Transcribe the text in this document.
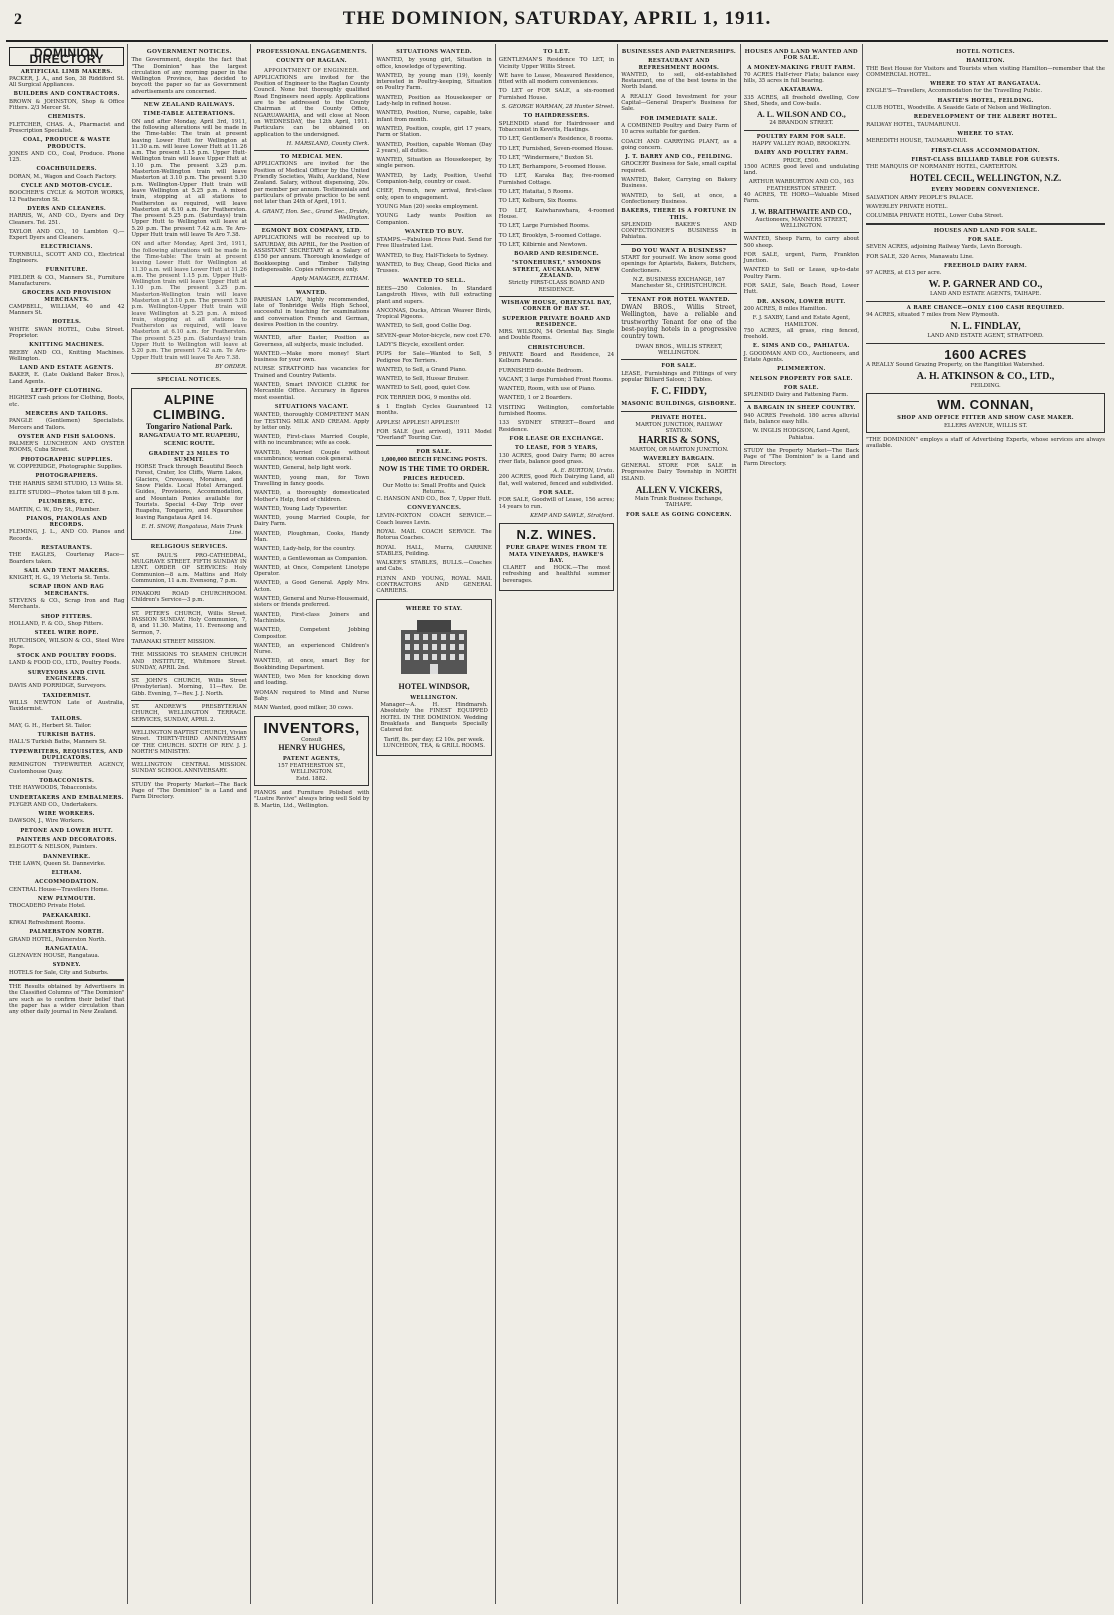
2	THE DOMINION, SATURDAY, APRIL 1, 1911.
DOMINION DIRECTORY
ARTIFICIAL LIMB MAKERS.
PACKER, J. A., and Son, 38 Riddiford St. All Surgical Appliances.
BUILDERS AND CONTRACTORS.
BROWN & JOHNSTON, Shop & Office Fitters. 2/3 Mercer St.
CHEMISTS.
FLETCHER, CHAS. A., Pharmacist and Prescription Specialist.
COAL, PRODUCE & WASTE PRODUCTS.
JONES AND CO., Coal, Produce. Phone 125.
COACHBUILDERS.
DORAN, M., Wagon and Coach Factory.
CYCLE AND MOTOR-CYCLE.
BOOCHER'S CYCLE & MOTOR WORKS, 12 Featherston St.
DYERS AND CLEANERS.
HARRIS, W., AND CO., Dyers and Dry Cleaners. Tel. 251.
TAYLOR AND CO., 10 Lambton Q.—Expert Dyers and Cleaners.
ELECTRICIANS.
TURNBULL, SCOTT AND CO., Electrical Engineers.
FURNITURE.
FIELDER & CO., Manners St., Furniture Manufacturers.
GROCERS AND PROVISION MERCHANTS.
CAMPBELL, WILLIAM, 40 and 42 Manners St.
HOTELS.
WHITE SWAN HOTEL, Cuba Street. Proprietor.
KNITTING MACHINES.
BEEBY AND CO., Knitting Machines. Wellington.
LAND AND ESTATE AGENTS.
BAKER, E. (Late Oakland Baker Bros.), Land Agents.
LEFT-OFF CLOTHING.
HIGHEST cash prices for Clothing, Boots, etc.
MERCERS AND TAILORS.
PANGLE (Gentlemen) Specialists. Mercers and Tailors.
OYSTER AND FISH SALOONS.
PALMER'S LUNCHEON AND OYSTER ROOMS, Cuba Street.
PHOTOGRAPHIC SUPPLIES.
W. COPPERIDGE, Photographic Supplies.
PHOTOGRAPHERS.
THE HARRIS SEMI STUDIO, 13 Willis St.
ELITE STUDIO—Photos taken till 8 p.m.
PLUMBERS, ETC.
MARTIN, C. W., Dry St., Plumber.
PIANOS, PIANOLAS AND RECORDS.
FLEMING, J. L., AND CO. Pianos and Records.
RESTAURANTS.
THE EAGLES, Courtenay Place—Boarders taken.
SAIL AND TENT MAKERS.
KNIGHT, H. G., 19 Victoria St. Tents.
SCRAP IRON AND RAG MERCHANTS.
STEVENS & CO., Scrap Iron and Rag Merchants.
SHOP FITTERS.
HOLLAND, F. & CO., Shop Fitters.
STEEL WIRE ROPE.
HUTCHISON, WILSON & CO., Steel Wire Rope.
STOCK AND POULTRY FOODS.
LAND & FOOD CO., LTD., Poultry Foods.
SURVEYORS AND CIVIL ENGINEERS.
DAVIS AND PORRIDGE, Surveyors.
TAXIDERMIST.
WILLS NEWTON Late of Australia, Taxidermist.
TAILORS.
MAY, G. H., Herbert St. Tailor.
TURKISH BATHS.
HALL'S Turkish Baths, Manners St.
TYPEWRITERS, REQUISITES, AND DUPLICATORS.
REMINGTON TYPEWRITER AGENCY, Customhouse Quay.
TOBACCONISTS.
THE HAYWOODS, Tobacconists.
UNDERTAKERS AND EMBALMERS.
FLYGER AND CO., Undertakers.
WIRE WORKERS.
DAWSON, J., Wire Workers.
PETONE AND LOWER HUTT.
PAINTERS AND DECORATORS.
ELEGOTT & NELSON, Painters.
DANNEVIRKE.
THE LAWN, Queen St. Dannevirke.
ELTHAM.
ACCOMMODATION.
CENTRAL House—Travellers Home.
NEW PLYMOUTH.
TROCADERO Private Hotel.
PAEKAKARIKI.
KIWAI Refreshment Rooms.
PALMERSTON NORTH.
GRAND HOTEL, Palmerston North.
RANGATAUA.
GLENAVEN HOUSE, Rangataua.
SYDNEY.
HOTELS for Sale, City and Suburbs.
THE Results obtained by Advertisers in the Classified Columns of "The Dominion" are such as to confirm their belief that the paper has a wider circulation than any other daily journal in New Zealand.
GOVERNMENT NOTICES.
The Government, despite the fact that "The Dominion" has the largest circulation of any morning paper in the Wellington Province, has decided to boycott the paper so far as Government advertisements are concerned.
NEW ZEALAND RAILWAYS.
TIME-TABLE ALTERATIONS.
ON and after Monday, April 3rd, 1911, the following alterations will be made in the Time-table: The train at present leaving Lower Hutt for Wellington at 11.30 a.m. will leave Lower Hutt at 11.26 a.m. The present 1.15 p.m. Upper Hutt-Wellington train will leave Upper Hutt at 1.10 p.m. The present 3.25 p.m. Masterton-Wellington train will leave Masterton at 3.10 p.m. The present 5.30 p.m. Wellington-Upper Hutt train will leave Wellington at 5.25 p.m. A mixed train, stopping at all stations to Featherston as required, will leave Masterton at 6.10 a.m. for Featherston. The present 5.25 p.m. (Saturdays) train Upper Hutt to Wellington will leave at 5.20 p.m. The present 7.42 a.m. Te Aro-Upper Hutt train will leave Te Aro 7.38.
ON and after Monday, April 3rd, 1911, the following alterations will be made in the Time-table: The train at present leaving Lower Hutt for Wellington at 11.30 a.m. will leave Lower Hutt at 11.26 a.m. The present 1.15 p.m. Upper Hutt-Wellington train will leave Upper Hutt at 1.10 p.m. The present 3.25 p.m. Masterton-Wellington train will leave Masterton at 3.10 p.m. The present 5.30 p.m. Wellington-Upper Hutt train will leave Wellington at 5.25 p.m. A mixed train, stopping at all stations to Featherston as required, will leave Masterton at 6.10 a.m. for Featherston. The present 5.25 p.m. (Saturdays) train Upper Hutt to Wellington will leave at 5.20 p.m. The present 7.42 a.m. Te Aro-Upper Hutt train will leave Te Aro 7.38.
BY ORDER.
SPECIAL NOTICES.
ALPINE CLIMBING.
Tongariro National Park.
RANGATAUA TO MT. RUAPEHU, SCENIC ROUTE.
GRADIENT 23 MILES TO SUMMIT.
HORSE Track through Beautiful Beech Forest, Crater, Ice Cliffs, Warm Lakes, Glaciers, Crevasses, Moraines, and Snow Fields. Local Hotel Arranged. Guides, Provisions, Accommodation, and Mountain Ponies available for Tourists. Special 4-Day Trip over Ruapehu, Tongariro, and Ngauruhoe leaving Rangataua April 14.
E. H. SNOW, Rangataua, Main Trunk Line.
RELIGIOUS SERVICES.
ST. PAUL'S PRO-CATHEDRAL, MULGRAVE STREET. FIFTH SUNDAY IN LENT. ORDER OF SERVICES: Holy Communion—8 a.m. Mattins and Holy Communion, 11 a.m. Evensong, 7 p.m.
PINAKORI ROAD CHURCHROOM. Children's Service—3 p.m.
ST. PETER'S CHURCH, Willis Street. PASSION SUNDAY. Holy Communion, 7, 8, and 11.30. Matins, 11. Evensong and Sermon, 7.
TARANAKI STREET MISSION.
THE MISSIONS TO SEAMEN CHURCH AND INSTITUTE, Whitmore Street. SUNDAY, APRIL 2nd.
ST. JOHN'S CHURCH, Willis Street (Presbyterian). Morning, 11—Rev. Dr. Gibb. Evening, 7—Rev. J. J. North.
ST. ANDREW'S PRESBYTERIAN CHURCH, WELLINGTON TERRACE. SERVICES, SUNDAY, APRIL 2.
WELLINGTON BAPTIST CHURCH, Vivian Street. THIRTY-THIRD ANNIVERSARY OF THE CHURCH. SIXTH OF REV. J. J. NORTH'S MINISTRY.
WELLINGTON CENTRAL MISSION. SUNDAY SCHOOL ANNIVERSARY.
STUDY the Property Market—The Back Page of "The Dominion" is a Land and Farm Directory.
PROFESSIONAL ENGAGEMENTS.
COUNTY OF RAGLAN.
APPOINTMENT OF ENGINEER.
APPLICATIONS are invited for the Position of Engineer to the Raglan County Council. None but thoroughly qualified Road Engineers need apply. Applications are to be addressed to the County Chairman at the County Office, NGARUAWAHIA, and will close at Noon on WEDNESDAY, the 12th April, 1911. Particulars can be obtained on application to the undersigned.
H. MARSLAND, County Clerk.
TO MEDICAL MEN.
APPLICATIONS are invited for the Position of Medical Officer by the United Friendly Societies, Waihi, Auckland, New Zealand. Salary, without dispensing, 20s. per member per annum. Testimonials and particulars of private practice to be sent not later than 24th of April, 1911.
A. GRANT, Hon. Sec., Grand Sec., Druids, Wellington.
EGMONT BOX COMPANY, LTD.
APPLICATIONS will be received up to SATURDAY, 8th APRIL, for the Position of ASSISTANT SECRETARY at a Salary of £150 per annum. Thorough knowledge of Bookkeeping and Timber Tallying indispensable. Copies references only.
Apply MANAGER, ELTHAM.
WANTED.
PARISIAN LADY, highly recommended, late of Tonbridge Wells High School, successful in teaching for examinations and conversation French and German, desires Position in the country.
WANTED, after Easter, Position as Governess, all subjects, music included.
WANTED.—Make more money! Start business for your own.
NURSE STRATFORD has vacancies for Trained and Country Patients.
WANTED, Smart INVOICE CLERK for Mercantile Office. Accuracy in figures most essential.
SITUATIONS VACANT.
WANTED, thoroughly COMPETENT MAN for TESTING MILK AND CREAM. Apply by letter only.
WANTED, First-class Married Couple, with no incumbrance; wife as cook.
WANTED, Married Couple without encumbrance; woman cook general.
WANTED, General, help light work.
WANTED, young man, for Town Travelling in fancy goods.
WANTED, a thoroughly domesticated Mother's Help, fond of children.
WANTED, Young Lady Typewriter.
WANTED, young Married Couple, for Dairy Farm.
WANTED, Ploughman, Cooks, Handy Man.
WANTED, Lady-help, for the country.
WANTED, a Gentlewoman as Companion.
WANTED, at Once, Competent Linotype Operator.
WANTED, a Good General. Apply Mrs. Acton.
WANTED, General and Nurse-Housemaid, sisters or friends preferred.
WANTED, First-class Joiners and Machinists.
WANTED, Competent Jobbing Compositor.
WANTED, an experienced Children's Nurse.
WANTED, at once, smart Boy for Bookbinding Department.
WANTED, two Men for knocking down and loading.
WOMAN required to Mind and Nurse Baby.
MAN Wanted, good milker, 30 cows.
INVENTORS,
Consult
HENRY HUGHES,
PATENT AGENTS,
157 FEATHERSTON ST., WELLINGTON.
Estd. 1882.
PIANOS and Furniture Polished with "Lustre Revive" always bring well Sold by B. Martin, Ltd., Wellington.
SITUATIONS WANTED.
WANTED, by young girl, Situation in office, knowledge of typewriting.
WANTED, by young man (19), keenly interested in Poultry-keeping, Situation on Poultry Farm.
WANTED, Position as Housekeeper or Lady-help in refined house.
WANTED, Position, Nurse, capable, take infant from month.
WANTED, Position, couple, girl 17 years, Farm or Station.
WANTED, Position, capable Woman (Day 2 years), all duties.
WANTED, Situation as Housekeeper, by single person.
WANTED, by Lady, Position, Useful Companion-help, country or coast.
CHEF, French, new arrival, first-class only, open to engagement.
YOUNG Man (20) seeks employment.
YOUNG Lady wants Position as Companion.
WANTED TO BUY.
STAMPS.—Fabulous Prices Paid. Send for Free Illustrated List.
WANTED, to Buy, Half-Tickets to Sydney.
WANTED, to Buy, Cheap, Good Ricks and Trusses.
WANTED TO SELL.
BEES—250 Colonies. In Standard Langstroth Hives, with full extracting plant and supers.
ANCONAS, Ducks, African Weaver Birds, Tropical Pigeons.
WANTED, to Sell, good Collie Dog.
SEVEN-gear Motor-bicycle, new cost £70.
LADY'S Bicycle, excellent order.
PUPS for Sale—Wanted to Sell, 5 Pedigree Fox Terriers.
WANTED, to Sell, a Grand Piano.
WANTED, to Sell, Hussar Bruiser.
WANTED to Sell, good, quiet Cow.
FOX TERRIER DOG, 9 months old.
$ 1 English Cycles Guaranteed 12 months.
APPLES! APPLES!! APPLES!!!
FOR SALE (just arrived), 1911 Model "Overland" Touring Car.
FOR SALE.
1,000,000 BEECH FENCING POSTS.
NOW IS THE TIME TO ORDER.
PRICES REDUCED.
Our Motto is: Small Profits and Quick Returns.
C. HANSON AND CO., Box 7, Upper Hutt.
CONVEYANCES.
LEVIN-FOXTON COACH SERVICE.—Coach leaves Levin.
ROYAL MAIL COACH SERVICE. The Rotorua Coaches.
ROYAL HALL, Murra, CARRINE STABLES, Feilding.
WALKER'S STABLES, BULLS.—Coaches and Cabs.
FLYNN AND YOUNG, ROYAL MAIL CONTRACTORS AND GENERAL CARRIERS.
WHERE TO STAY.
HOTEL WINDSOR,
WELLINGTON.
Manager—A. H. Hindmarsh. Absolutely the FINEST EQUIPPED HOTEL IN THE DOMINION. Wedding Breakfasts and Banquets Specially Catered for.
Tariff, 8s. per day; £2 10s. per week. LUNCHEON, TEA, & GRILL ROOMS.
TO LET.
GENTLEMAN'S Residence TO LET, in Vicinity Upper Willis Street.
WE have to Lease, Measured Residence, fitted with all modern conveniences.
TO LET or FOR SALE, a six-roomed Furnished House.
S. GEORGE WARMAN, 28 Hunter Street.
TO HAIRDRESSERS.
SPLENDID stand for Hairdresser and Tobacconist in Kevetts, Hastings.
TO LET, Gentlemen's Residence, 8 rooms.
TO LET, Furnished, Seven-roomed House.
TO LET, "Windermere," Buxton St.
TO LET, Berhampore, 5-roomed House.
TO LET, Karaka Bay, five-roomed Furnished Cottage.
TO LET, Hataitai, 5 Rooms.
TO LET, Kelburn, Six Rooms.
TO LET, Kaiwharawhara, 4-roomed House.
TO LET, Large Furnished Rooms.
TO LET, Brooklyn, 5-roomed Cottage.
TO LET, Kilbirnie and Newtown.
BOARD AND RESIDENCE.
"STONEHURST," SYMONDS STREET, AUCKLAND, NEW ZEALAND.
Strictly FIRST-CLASS BOARD AND RESIDENCE.
WISHAW HOUSE, ORIENTAL BAY, CORNER OF HAY ST.
SUPERIOR PRIVATE BOARD AND RESIDENCE.
MRS. WILSON, 54 Oriental Bay. Single and Double Rooms.
CHRISTCHURCH.
PRIVATE Board and Residence, 24 Kelburn Parade.
FURNISHED double Bedroom.
VACANT, 3 large Furnished Front Rooms.
WANTED, Room, with use of Piano.
WANTED, 1 or 2 Boarders.
VISITING Wellington, comfortable furnished Rooms.
133 SYDNEY STREET—Board and Residence.
FOR LEASE OR EXCHANGE.
TO LEASE, FOR 5 YEARS,
130 ACRES, good Dairy Farm; 80 acres river flats, balance good grass.
A. E. BURTON, Urutu.
200 ACRES, good Rich Dairying Land, all flat, well watered, fenced and subdivided.
FOR SALE.
FOR SALE, Goodwill of Lease, 156 acres; 14 years to run.
KEMP AND SAWLE, Stratford.
N.Z. WINES.
PURE GRAPE WINES FROM TE MATA VINEYARDS, HAWKE'S BAY.
CLARET and HOCK.—The most refreshing and healthful summer beverages.
BUSINESSES AND PARTNERSHIPS.
RESTAURANT AND REFRESHMENT ROOMS.
WANTED, to sell, old-established Restaurant, one of the best towns in the North Island.
A REALLY Good Investment for your Capital—General Draper's Business for Sale.
FOR IMMEDIATE SALE.
A COMBINED Poultry and Dairy Farm of 10 acres suitable for garden.
COACH AND CARRYING PLANT, as a going concern.
J. T. BARRY AND CO., FEILDING.
GROCERY Business for Sale, small capital required.
WANTED, Baker, Carrying on Bakery Business.
WANTED, to Sell, at once, a Confectionery Business.
BAKERS, THERE IS A FORTUNE IN THIS.
SPLENDID BAKER'S AND CONFECTIONER'S BUSINESS in Pahiatua.
DO YOU WANT A BUSINESS?
START for yourself. We know some good openings for Apiarists, Bakers, Butchers, Confectioners.
N.Z. BUSINESS EXCHANGE, 167 Manchester St., CHRISTCHURCH.
TENANT FOR HOTEL WANTED.
DWAN BROS., Willis Street, Wellington, have a reliable and trustworthy Tenant for one of the best-paying hotels in a progressive country town.
DWAN BROS., WILLIS STREET, WELLINGTON.
FOR SALE.
LEASE, Furnishings and Fittings of very popular Billiard Saloon; 3 Tables.
F. C. FIDDY,
MASONIC BUILDINGS, GISBORNE.
PRIVATE HOTEL.
MARTON JUNCTION, RAILWAY STATION.
HARRIS & SONS,
MARTON, OR MARTON JUNCTION.
WAVERLEY BARGAIN.
GENERAL STORE FOR SALE in Progressive Dairy Township in NORTH ISLAND.
ALLEN V. VICKERS,
Main Trunk Business Exchange, TAIHAPE.
FOR SALE AS GOING CONCERN.
HOUSES AND LAND WANTED AND FOR SALE.
A MONEY-MAKING FRUIT FARM.
70 ACRES Half-river Flats; balance easy hills, 35 acres in full bearing.
AKATARAWA.
335 ACRES, all freehold dwelling, Cow Shed, Sheds, and Cow-bails.
A. L. WILSON AND CO.,
24 BRANDON STREET.
POULTRY FARM FOR SALE.
HAPPY VALLEY ROAD, BROOKLYN.
DAIRY AND POULTRY FARM.
PRICE, £500.
1500 ACRES good level and undulating land.
ARTHUR WARBURTON AND CO., 163 FEATHERSTON STREET.
40 ACRES, TE HORO—Valuable Mixed Farm.
J. W. BRAITHWAITE AND CO.,
Auctioneers, MANNERS STREET, WELLINGTON.
WANTED, Sheep Farm, to carry about 500 sheep.
FOR SALE, urgent, Farm, Frankton Junction.
WANTED to Sell or Lease, up-to-date Poultry Farm.
FOR SALE, Sale, Beach Road, Lower Hutt.
DR. ANSON, LOWER HUTT.
200 ACRES, 8 miles Hamilton.
F. J. SAXBY, Land and Estate Agent, HAMILTON.
750 ACRES, all grass, ring fenced, freehold.
E. SIMS AND CO., PAHIATUA.
J. GOODMAN AND CO., Auctioneers, and Estate Agents.
PLIMMERTON.
NELSON PROPERTY FOR SALE.
FOR SALE.
SPLENDID Dairy and Fattening Farm.
A BARGAIN IN SHEEP COUNTRY.
940 ACRES Freehold. 180 acres alluvial flats, balance easy hills.
W. INGLIS HODGSON, Land Agent, Pahiatua.
STUDY the Property Market—The Back Page of "The Dominion" is a Land and Farm Directory.
HOTEL NOTICES.
HAMILTON.
THE Best House for Visitors and Tourists when visiting Hamilton—remember that the COMMERCIAL HOTEL.
WHERE TO STAY AT RANGATAUA.
ENGLE'S—Travellers, Accommodation for the Travelling Public.
HASTIE'S HOTEL, FEILDING.
CLUB HOTEL, Woodville. A Seaside Gate of Nelson and Wellington.
REDEVELOPMENT OF THE ALBERT HOTEL.
RAILWAY HOTEL, TAUMARUNUI.
WHERE TO STAY.
MEREDITH HOUSE, TAUMARUNUI.
FIRST-CLASS ACCOMMODATION.
FIRST-CLASS BILLIARD TABLE FOR GUESTS.
THE MARQUIS OF NORMANBY HOTEL, CARTERTON.
HOTEL CECIL, WELLINGTON, N.Z.
EVERY MODERN CONVENIENCE.
SALVATION ARMY PEOPLE'S PALACE.
WAVERLEY PRIVATE HOTEL.
COLUMBIA PRIVATE HOTEL, Lower Cuba Street.
HOUSES AND LAND FOR SALE.
FOR SALE.
SEVEN ACRES, adjoining Railway Yards, Levin Borough.
FOR SALE, 320 Acres, Manawatu Line.
FREEHOLD DAIRY FARM.
97 ACRES, at £13 per acre.
W. P. GARNER AND CO.,
LAND AND ESTATE AGENTS, TAIHAPE.
A RARE CHANCE—ONLY £100 CASH REQUIRED.
94 ACRES, situated 7 miles from New Plymouth.
N. L. FINDLAY,
LAND AND ESTATE AGENT, STRATFORD.
1600 ACRES
A REALLY Sound Grazing Property, on the Rangitikei Watershed.
A. H. ATKINSON & CO., LTD.,
FEILDING.
WM. CONNAN,
SHOP AND OFFICE FITTER AND SHOW CASE MAKER.
ELLERS AVENUE, WILLIS ST.
"THE DOMINION" employs a staff of Advertising Experts, whose services are always available.
